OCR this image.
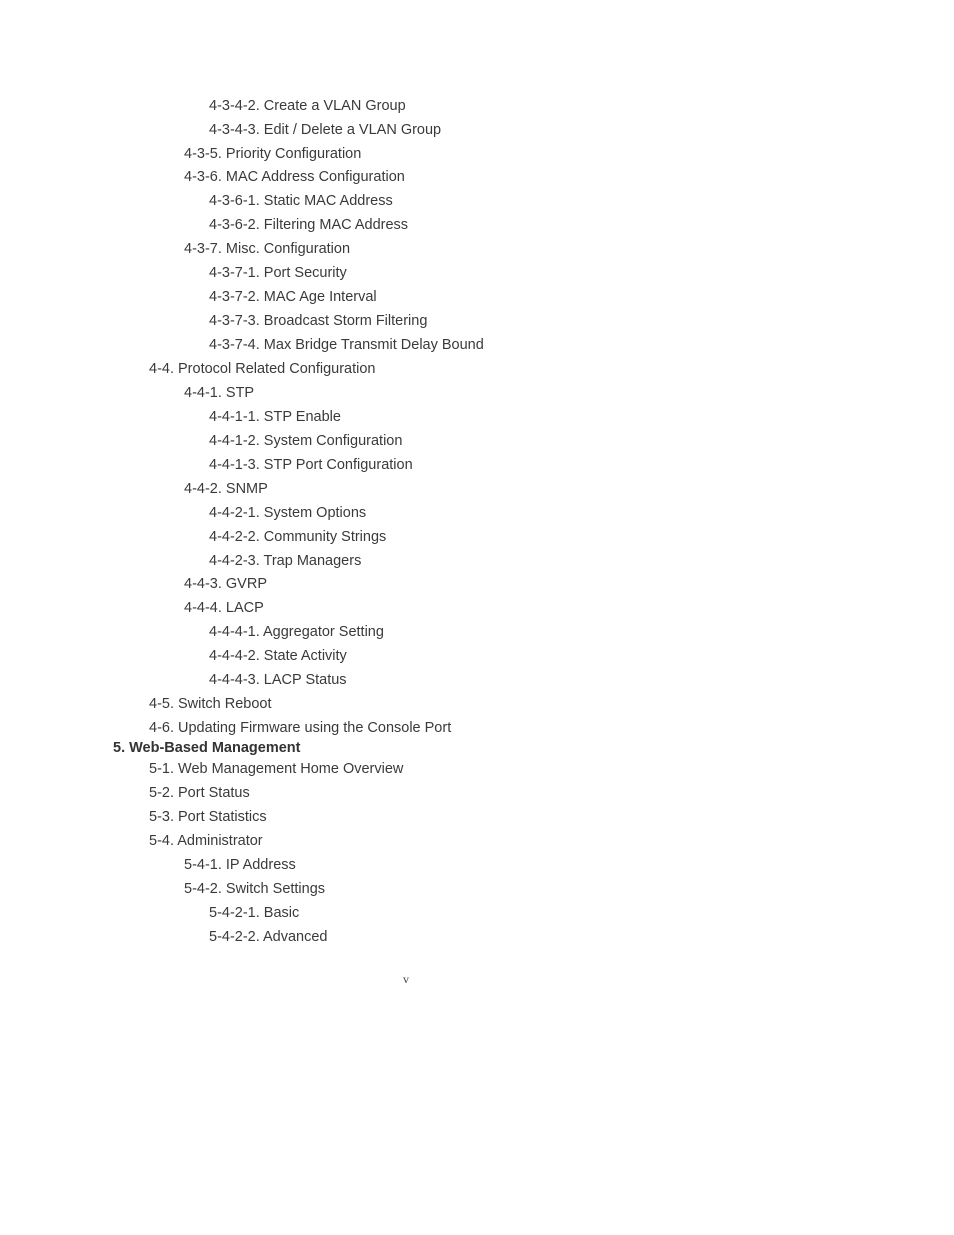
4-3-4-2. Create a VLAN Group
4-3-4-3. Edit / Delete a VLAN Group
4-3-5. Priority Configuration
4-3-6. MAC Address Configuration
4-3-6-1. Static MAC Address
4-3-6-2. Filtering MAC Address
4-3-7. Misc. Configuration
4-3-7-1. Port Security
4-3-7-2. MAC Age Interval
4-3-7-3. Broadcast Storm Filtering
4-3-7-4. Max Bridge Transmit Delay Bound
4-4. Protocol Related Configuration
4-4-1. STP
4-4-1-1. STP Enable
4-4-1-2. System Configuration
4-4-1-3. STP Port Configuration
4-4-2. SNMP
4-4-2-1. System Options
4-4-2-2. Community Strings
4-4-2-3. Trap Managers
4-4-3. GVRP
4-4-4. LACP
4-4-4-1. Aggregator Setting
4-4-4-2. State Activity
4-4-4-3. LACP Status
4-5. Switch Reboot
4-6. Updating Firmware using the Console Port
5. Web-Based Management
5-1. Web Management Home Overview
5-2. Port Status
5-3. Port Statistics
5-4. Administrator
5-4-1. IP Address
5-4-2. Switch Settings
5-4-2-1. Basic
5-4-2-2. Advanced
v
